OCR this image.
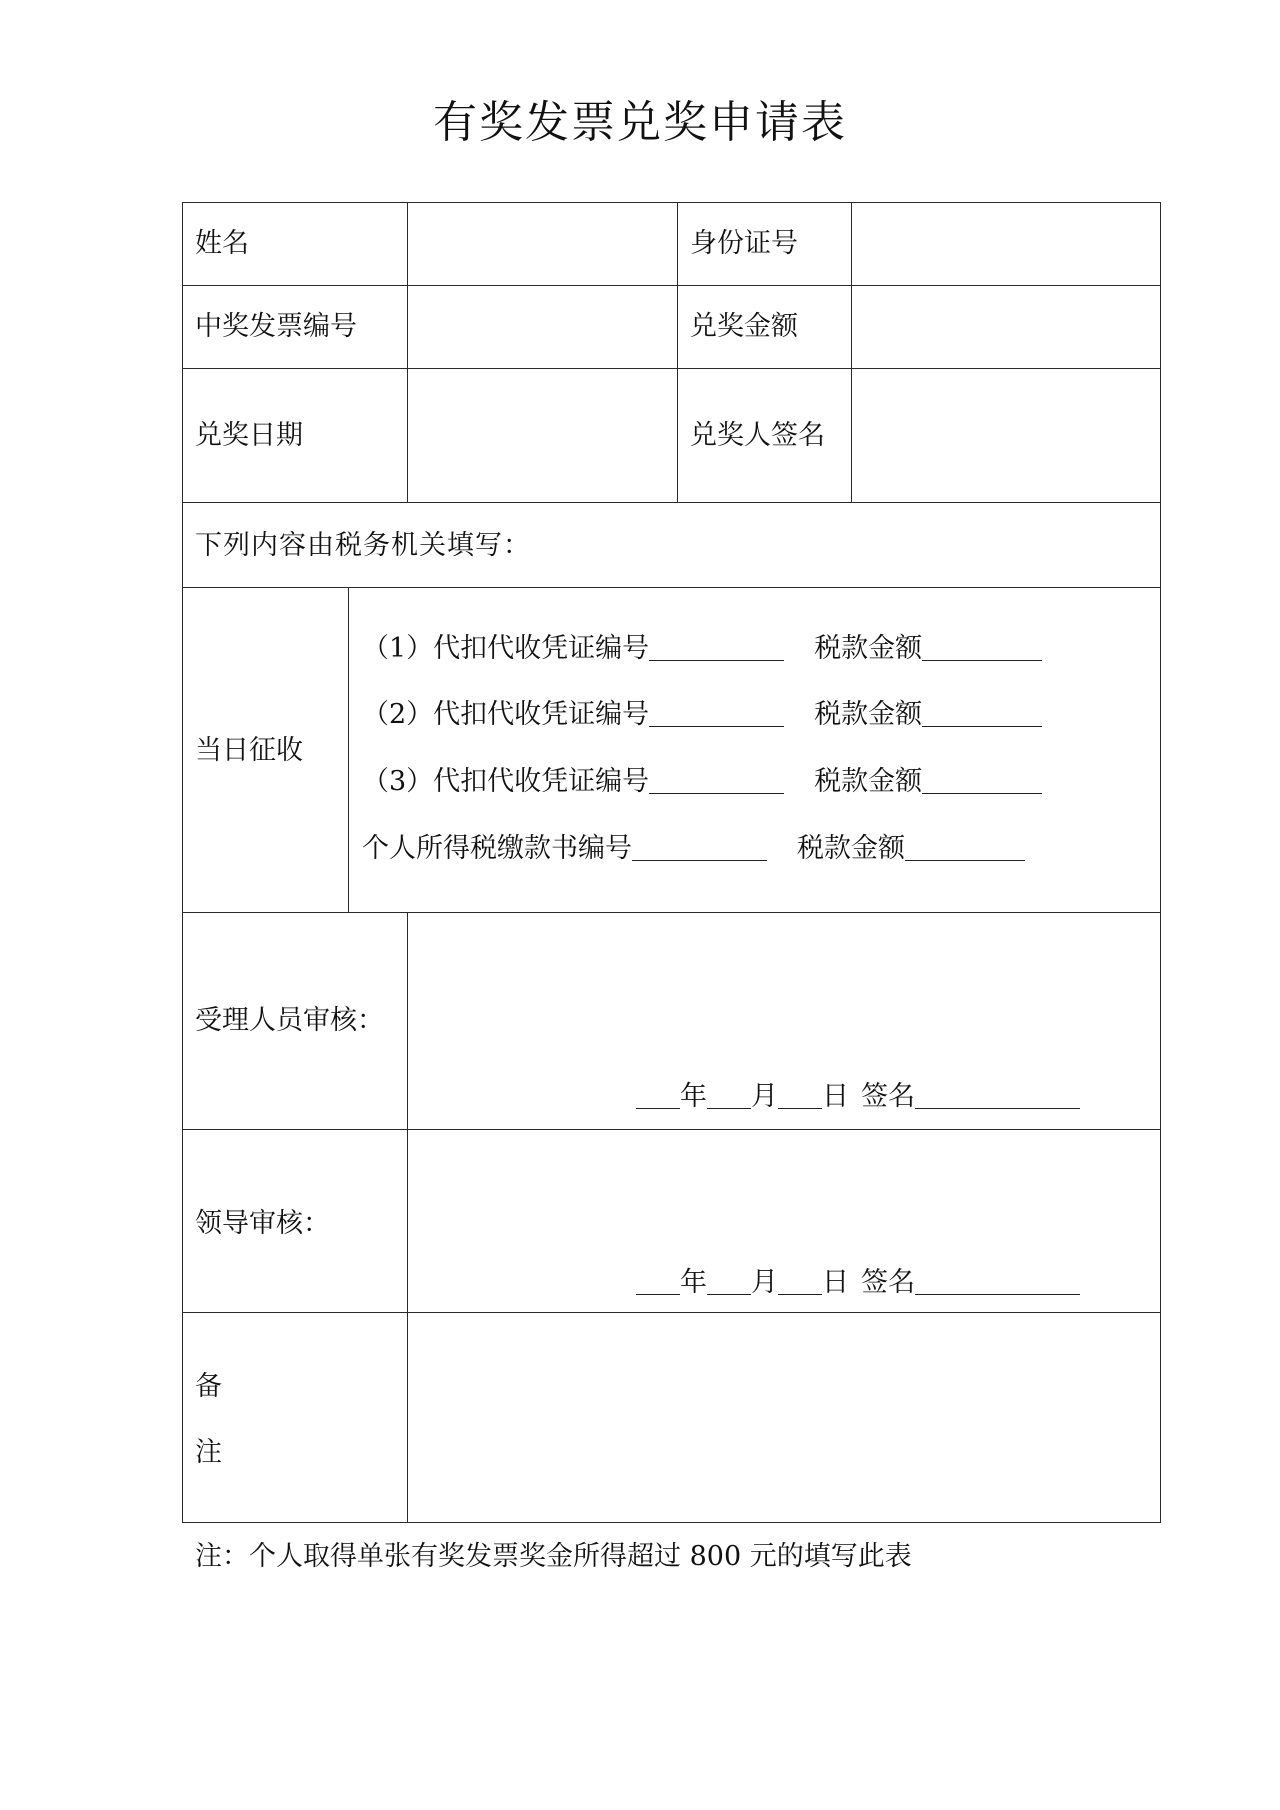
有奖发票兑奖申请表
姓名	身份证号
中奖发票编号	兑奖金额
兑奖日期	兑奖人签名
下列内容由税务机关填写：
当日征收
（1）代扣代收凭证编号	税款金额
（2）代扣代收凭证编号	税款金额
（3）代扣代收凭证编号	税款金额
个人所得税缴款书编号	税款金额
受理人员审核：
年 月 日 签名
领导审核：
年 月 日 签名
备
注
注：个人取得单张有奖发票奖金所得超过 800 元的填写此表
